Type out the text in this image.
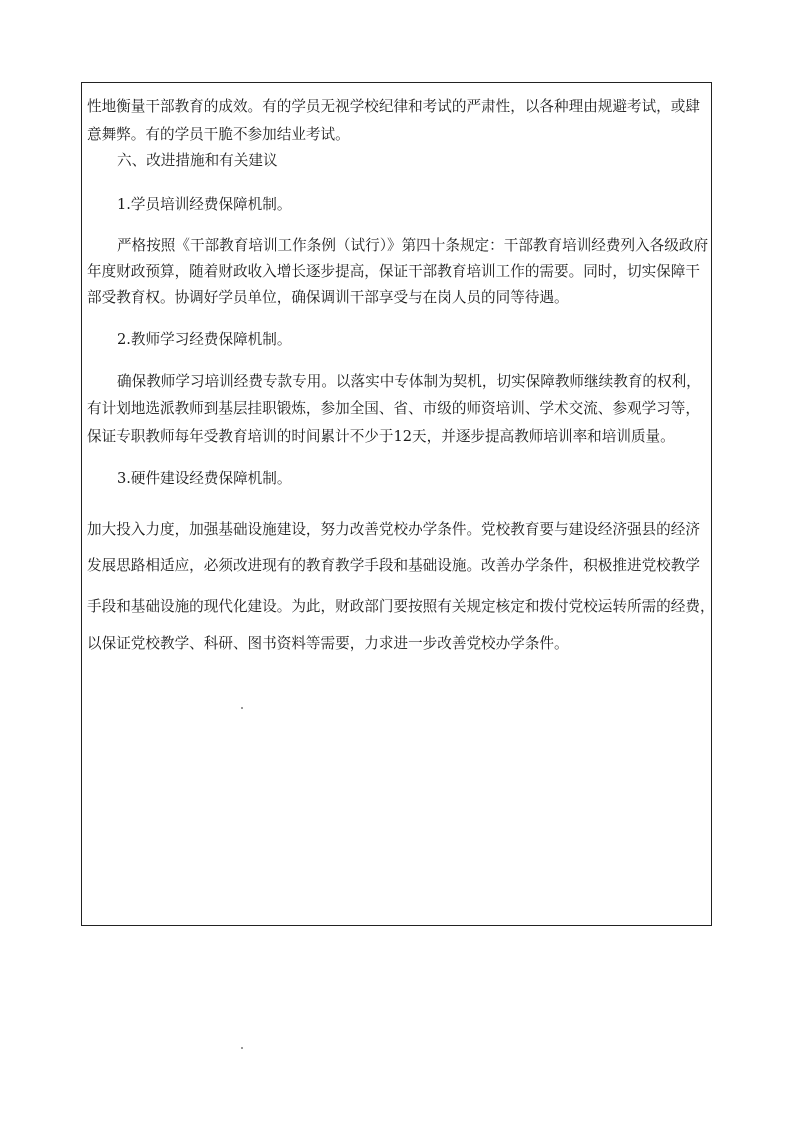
性地衡量干部教育的成效。有的学员无视学校纪律和考试的严肃性，以各种理由规避考试，或肆
意舞弊。有的学员干脆不参加结业考试。
六、改进措施和有关建议
1.学员培训经费保障机制。
严格按照《干部教育培训工作条例（试行）》第四十条规定：干部教育培训经费列入各级政府
年度财政预算，随着财政收入增长逐步提高，保证干部教育培训工作的需要。同时，切实保障干
部受教育权。协调好学员单位，确保调训干部享受与在岗人员的同等待遇。
2.教师学习经费保障机制。
确保教师学习培训经费专款专用。以落实中专体制为契机，切实保障教师继续教育的权利，
有计划地选派教师到基层挂职锻炼，参加全国、省、市级的师资培训、学术交流、参观学习等，
保证专职教师每年受教育培训的时间累计不少于12天，并逐步提高教师培训率和培训质量。
3.硬件建设经费保障机制。
加大投入力度，加强基础设施建设，努力改善党校办学条件。党校教育要与建设经济强县的经济
发展思路相适应，必须改进现有的教育教学手段和基础设施。改善办学条件，积极推进党校教学
手段和基础设施的现代化建设。为此，财政部门要按照有关规定核定和拨付党校运转所需的经费，
以保证党校教学、科研、图书资料等需要，力求进一步改善党校办学条件。
